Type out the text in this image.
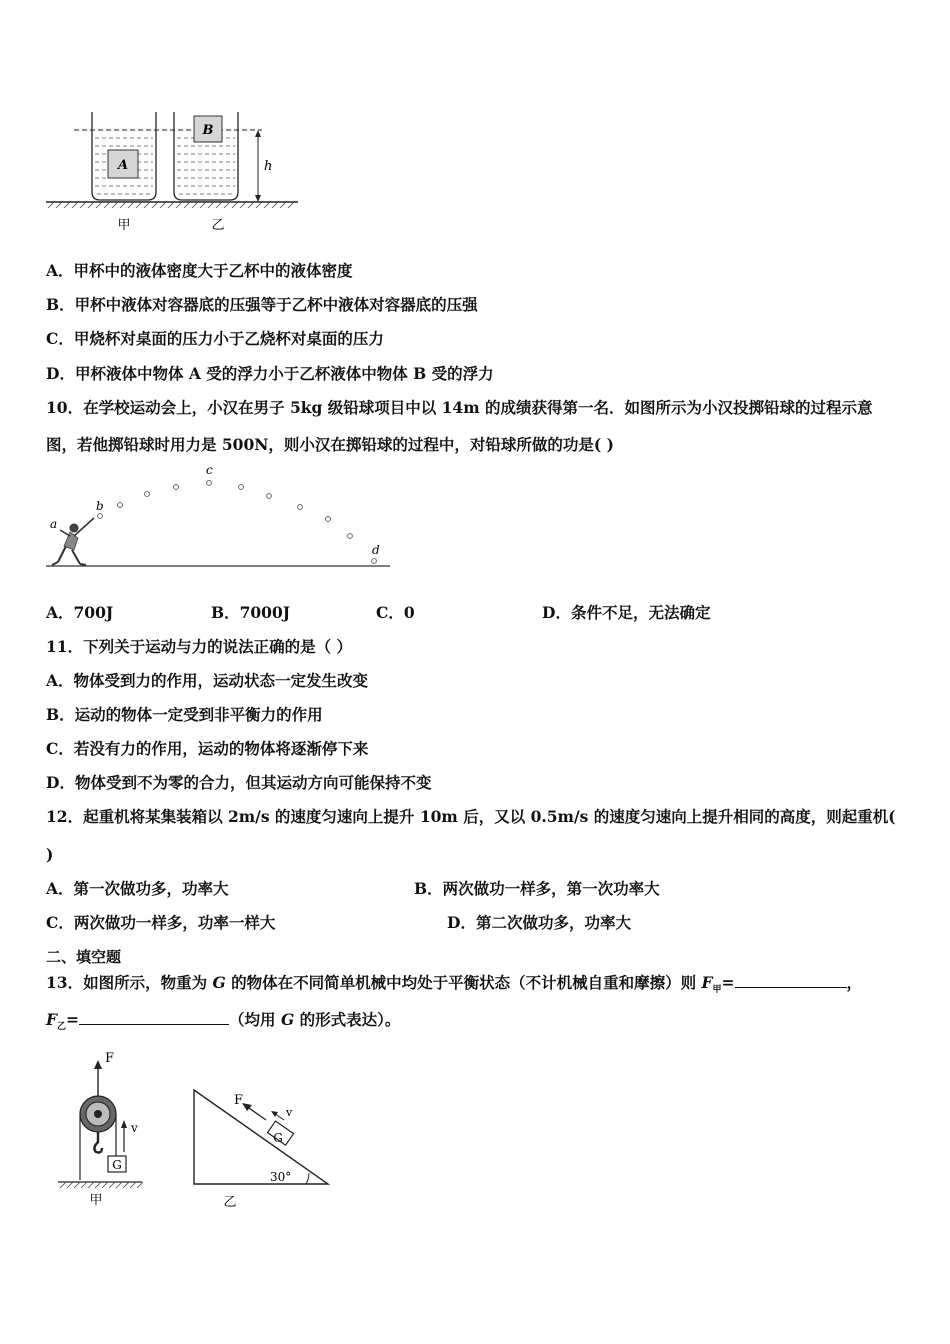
A
B
h
甲	乙
A．甲杯中的液体密度大于乙杯中的液体密度
B．甲杯中液体对容器底的压强等于乙杯中液体对容器底的压强
C．甲烧杯对桌面的压力小于乙烧杯对桌面的压力
D．甲杯液体中物体 A 受的浮力小于乙杯液体中物体 B 受的浮力
10．在学校运动会上，小汉在男子 5kg 级铅球项目中以 14m 的成绩获得第一名．如图所示为小汉投掷铅球的过程示意
图，若他掷铅球时用力是 500N，则小汉在掷铅球的过程中，对铅球所做的功是( )
a
b
c
d
A．700J	B．7000J	C．0	D．条件不足，无法确定
11．下列关于运动与力的说法正确的是（ ）
A．物体受到力的作用，运动状态一定发生改变
B．运动的物体一定受到非平衡力的作用
C．若没有力的作用，运动的物体将逐渐停下来
D．物体受到不为零的合力，但其运动方向可能保持不变
12．起重机将某集装箱以 2m/s 的速度匀速向上提升 10m 后，又以 0.5m/s 的速度匀速向上提升相同的高度，则起重机(
)
A．第一次做功多，功率大	B．两次做功一样多，第一次功率大
C．两次做功一样多，功率一样大	D．第二次做功多，功率大
二、填空题
13．如图所示，物重为 G 的物体在不同简单机械中均处于平衡状态（不计机械自重和摩擦）则 $F_甲=$	，
$F_乙=$	（均用 G 的形式表达）。
F
v
G
甲
30°
G
F
v
乙
